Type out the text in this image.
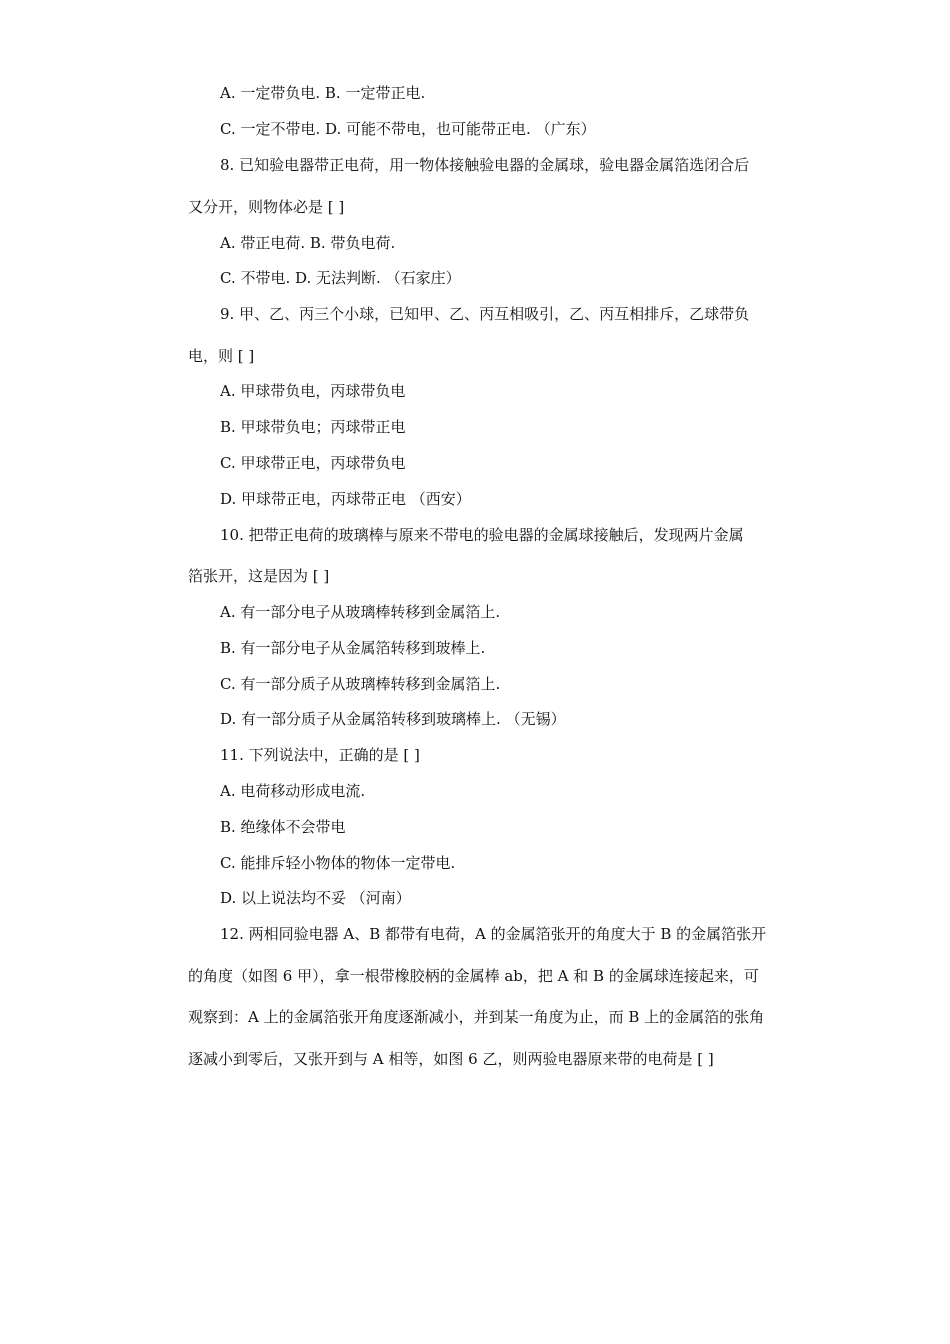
A. 一定带负电. B. 一定带正电.
C. 一定不带电. D. 可能不带电，也可能带正电. （广东）
8. 已知验电器带正电荷，用一物体接触验电器的金属球，验电器金属箔选闭合后
又分开，则物体必是 [ ]
A. 带正电荷. B. 带负电荷.
C. 不带电. D. 无法判断. （石家庄）
9. 甲、乙、丙三个小球，已知甲、乙、丙互相吸引，乙、丙互相排斥，乙球带负
电，则 [ ]
A. 甲球带负电，丙球带负电
B. 甲球带负电；丙球带正电
C. 甲球带正电，丙球带负电
D. 甲球带正电，丙球带正电 （西安）
10. 把带正电荷的玻璃棒与原来不带电的验电器的金属球接触后，发现两片金属
箔张开，这是因为 [ ]
A. 有一部分电子从玻璃棒转移到金属箔上.
B. 有一部分电子从金属箔转移到玻棒上.
C. 有一部分质子从玻璃棒转移到金属箔上.
D. 有一部分质子从金属箔转移到玻璃棒上. （无锡）
11. 下列说法中，正确的是 [ ]
A. 电荷移动形成电流.
B. 绝缘体不会带电
C. 能排斥轻小物体的物体一定带电.
D. 以上说法均不妥 （河南）
12. 两相同验电器 A、B 都带有电荷，A 的金属箔张开的角度大于 B 的金属箔张开
的角度（如图 6 甲），拿一根带橡胶柄的金属棒 ab，把 A 和 B 的金属球连接起来，可
观察到：A 上的金属箔张开角度逐渐减小，并到某一角度为止，而 B 上的金属箔的张角
逐减小到零后，又张开到与 A 相等，如图 6 乙，则两验电器原来带的电荷是 [ ]
